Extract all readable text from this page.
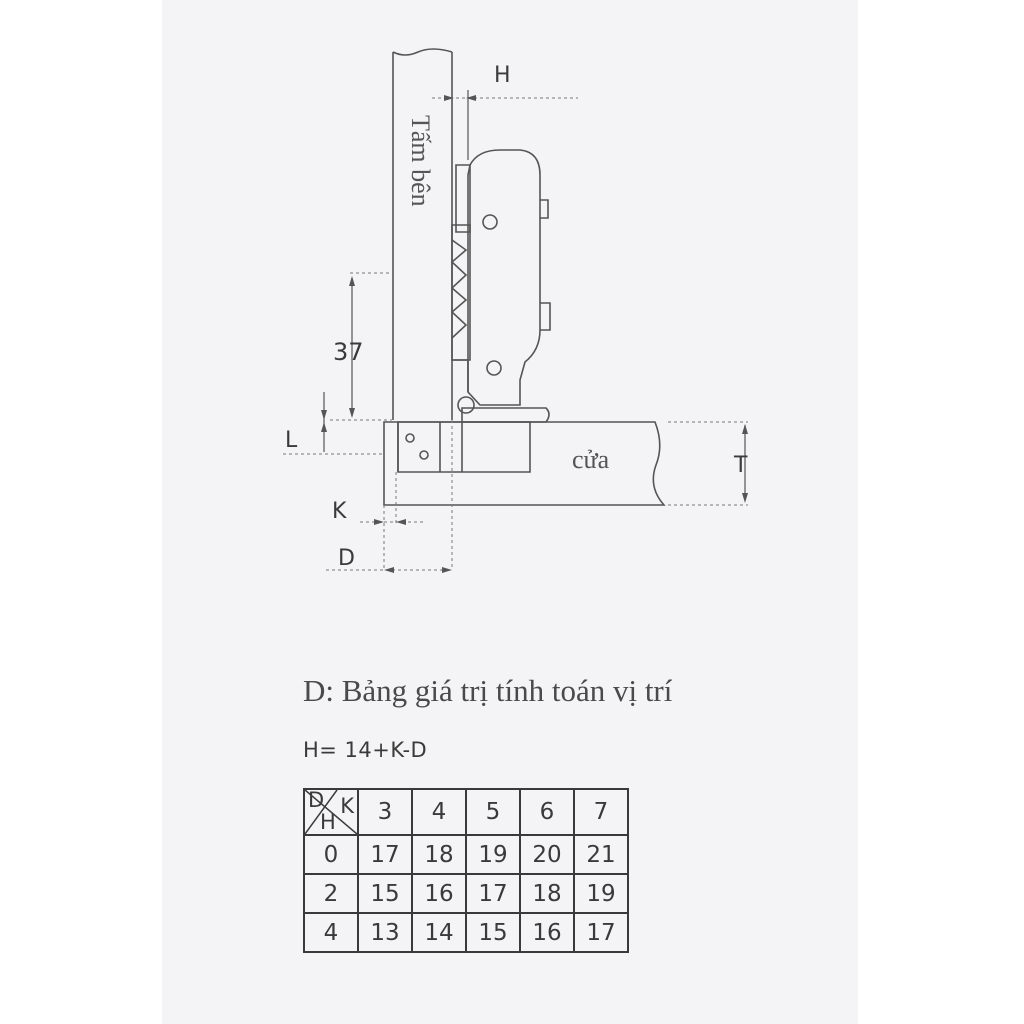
Tấm bên
cửa
H
37
L
K
D
T
D: Bảng giá trị tính toán vị trí
H= 14+K-D
D K
H	3	4	5	6	7
0	17	18	19	20	21
2	15	16	17	18	19
4	13	14	15	16	17
